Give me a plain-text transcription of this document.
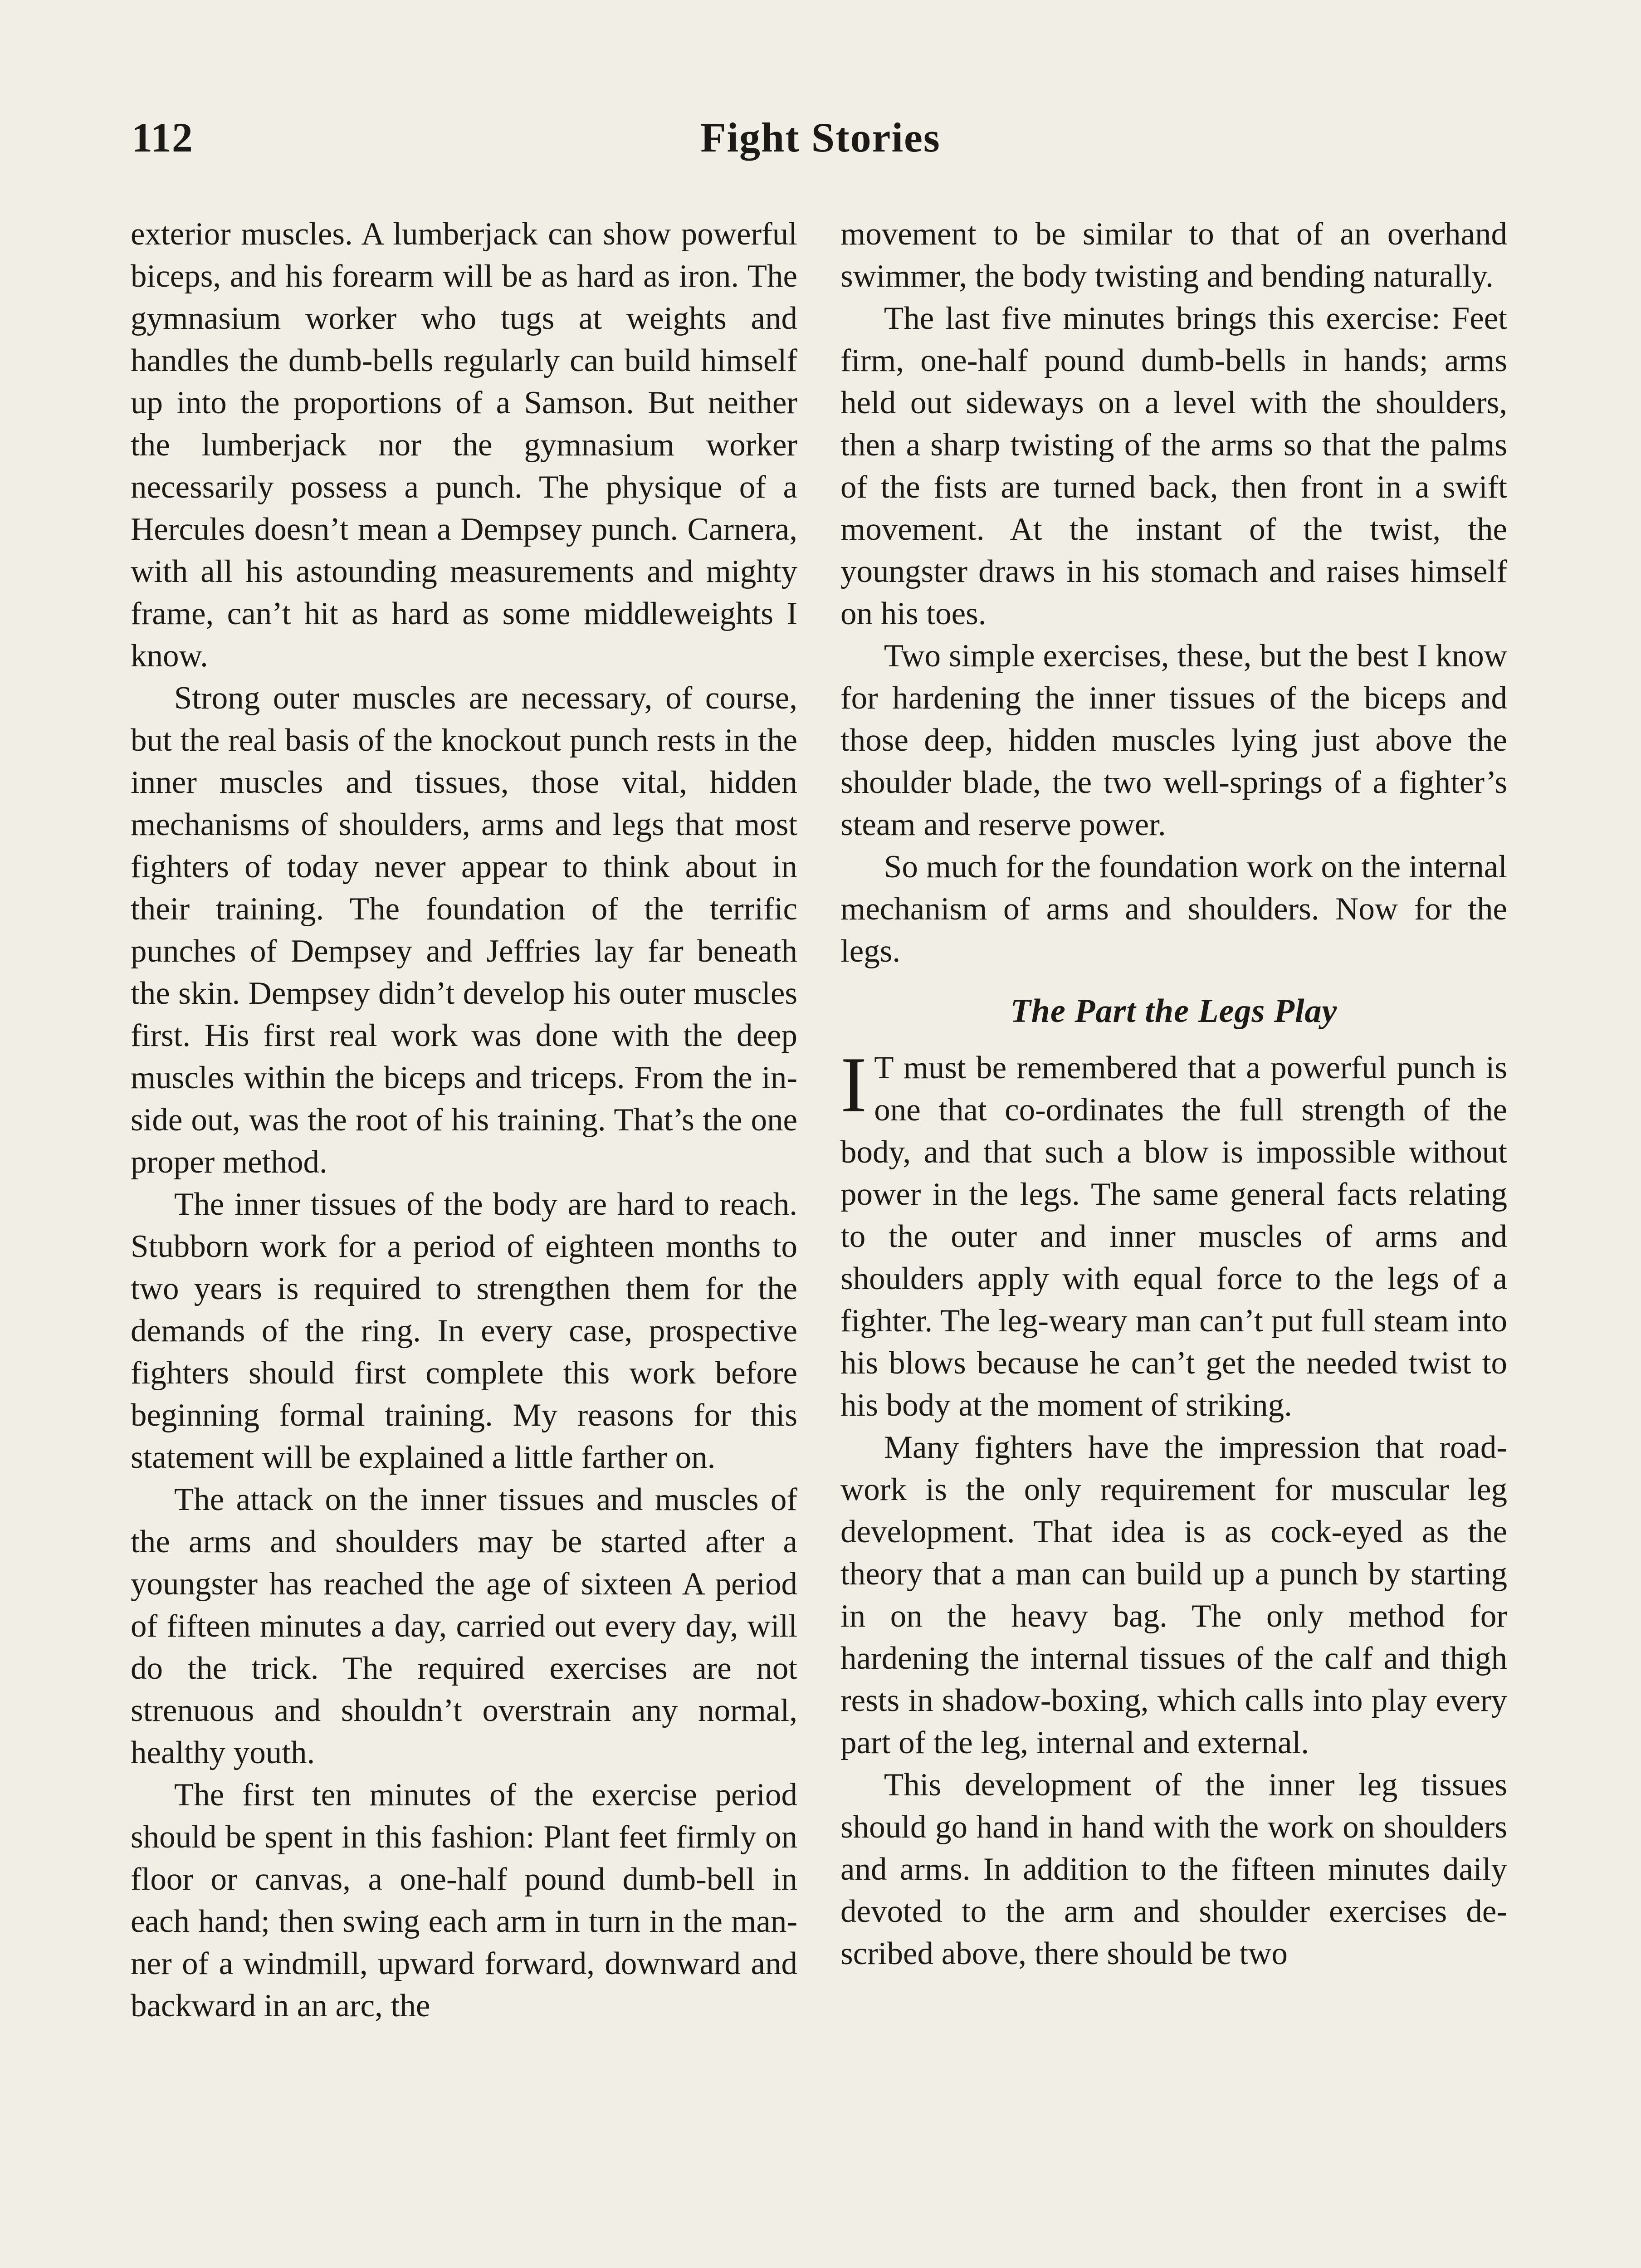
112	Fight Stories

exterior muscles. A lumberjack can show powerful biceps, and his forearm will be as hard as iron. The gymnasium worker who tugs at weights and handles the dumb-bells regularly can build himself up into the proportions of a Samson. But neither the lumberjack nor the gymnasium worker necessarily possess a punch. The physique of a Hercules doesn’t mean a Dempsey punch. Carnera, with all his astounding measurements and mighty frame, can’t hit as hard as some middleweights I know.

Strong outer muscles are necessary, of course, but the real basis of the knockout punch rests in the inner muscles and tissues, those vital, hidden mechanisms of shoulders, arms and legs that most fighters of today never appear to think about in their training. The foundation of the terrific punches of Dempsey and Jeffries lay far beneath the skin. Dempsey didn’t develop his outer muscles first. His first real work was done with the deep muscles within the biceps and triceps. From the inside out, was the root of his training. That’s the one proper method.

The inner tissues of the body are hard to reach. Stubborn work for a period of eighteen months to two years is required to strengthen them for the demands of the ring. In every case, prospective fighters should first complete this work before beginning formal training. My reasons for this statement will be explained a little farther on.

The attack on the inner tissues and muscles of the arms and shoulders may be started after a youngster has reached the age of sixteen A period of fifteen minutes a day, carried out every day, will do the trick. The required exercises are not strenuous and shouldn’t overstrain any normal, healthy youth.

The first ten minutes of the exercise period should be spent in this fashion: Plant feet firmly on floor or canvas, a one-half pound dumb-bell in each hand; then swing each arm in turn in the manner of a windmill, upward forward, downward and backward in an arc, the

movement to be similar to that of an overhand swimmer, the body twisting and bending naturally.

The last five minutes brings this exercise: Feet firm, one-half pound dumb-bells in hands; arms held out sideways on a level with the shoulders, then a sharp twisting of the arms so that the palms of the fists are turned back, then front in a swift movement. At the instant of the twist, the youngster draws in his stomach and raises himself on his toes.

Two simple exercises, these, but the best I know for hardening the inner tissues of the biceps and those deep, hidden muscles lying just above the shoulder blade, the two well-springs of a fighter’s steam and reserve power.

So much for the foundation work on the internal mechanism of arms and shoulders. Now for the legs.

The Part the Legs Play

I T must be remembered that a powerful punch is one that co-ordinates the full strength of the body, and that such a blow is impossible without power in the legs. The same general facts relating to the outer and inner muscles of arms and shoulders apply with equal force to the legs of a fighter. The leg-weary man can’t put full steam into his blows because he can’t get the needed twist to his body at the moment of striking.

Many fighters have the impression that road-work is the only requirement for muscular leg development. That idea is as cock-eyed as the theory that a man can build up a punch by starting in on the heavy bag. The only method for hardening the internal tissues of the calf and thigh rests in shadow-boxing, which calls into play every part of the leg, internal and external.

This development of the inner leg tissues should go hand in hand with the work on shoulders and arms. In addition to the fifteen minutes daily devoted to the arm and shoulder exercises described above, there should be two
